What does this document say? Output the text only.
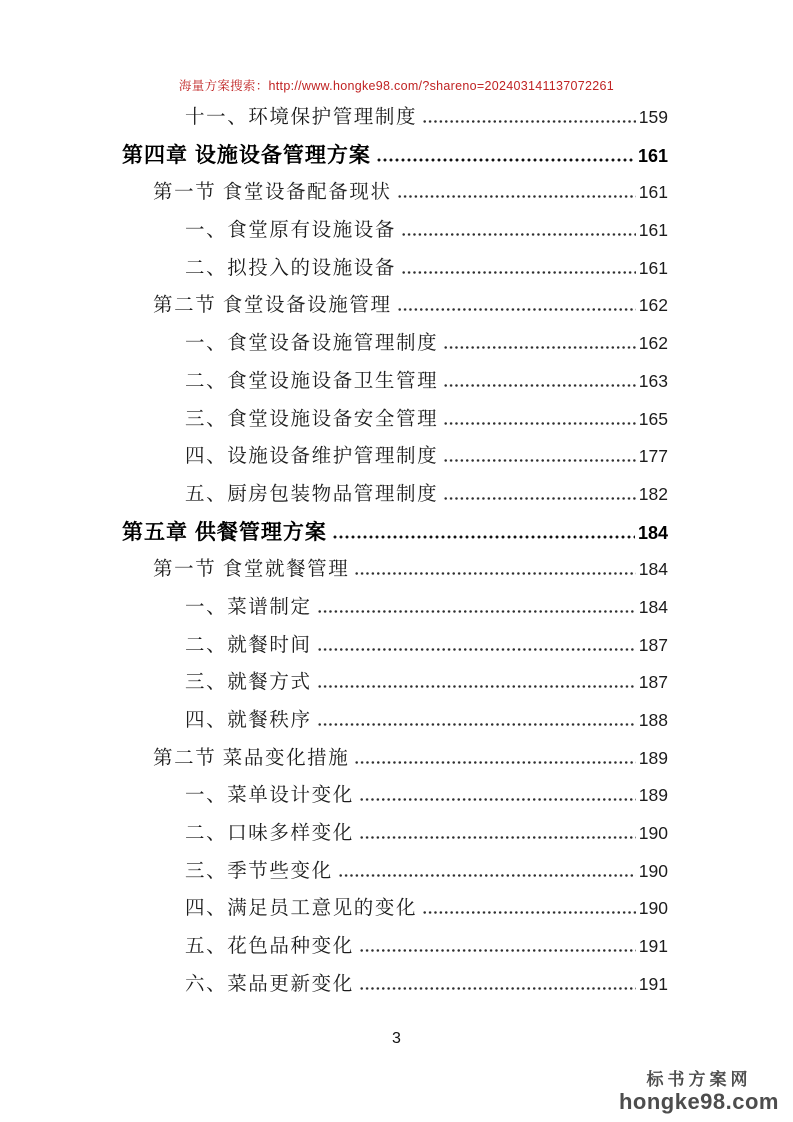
海量方案搜索：http://www.hongke98.com/?shareno=202403141137072261
十一、环境保护管理制度	159
第四章 设施设备管理方案	161
第一节 食堂设备配备现状	161
一、食堂原有设施设备	161
二、拟投入的设施设备	161
第二节 食堂设备设施管理	162
一、食堂设备设施管理制度	162
二、食堂设施设备卫生管理	163
三、食堂设施设备安全管理	165
四、设施设备维护管理制度	177
五、厨房包装物品管理制度	182
第五章 供餐管理方案	184
第一节 食堂就餐管理	184
一、菜谱制定	184
二、就餐时间	187
三、就餐方式	187
四、就餐秩序	188
第二节 菜品变化措施	189
一、菜单设计变化	189
二、口味多样变化	190
三、季节些变化	190
四、满足员工意见的变化	190
五、花色品种变化	191
六、菜品更新变化	191
3
标书方案网
hongke98.com
